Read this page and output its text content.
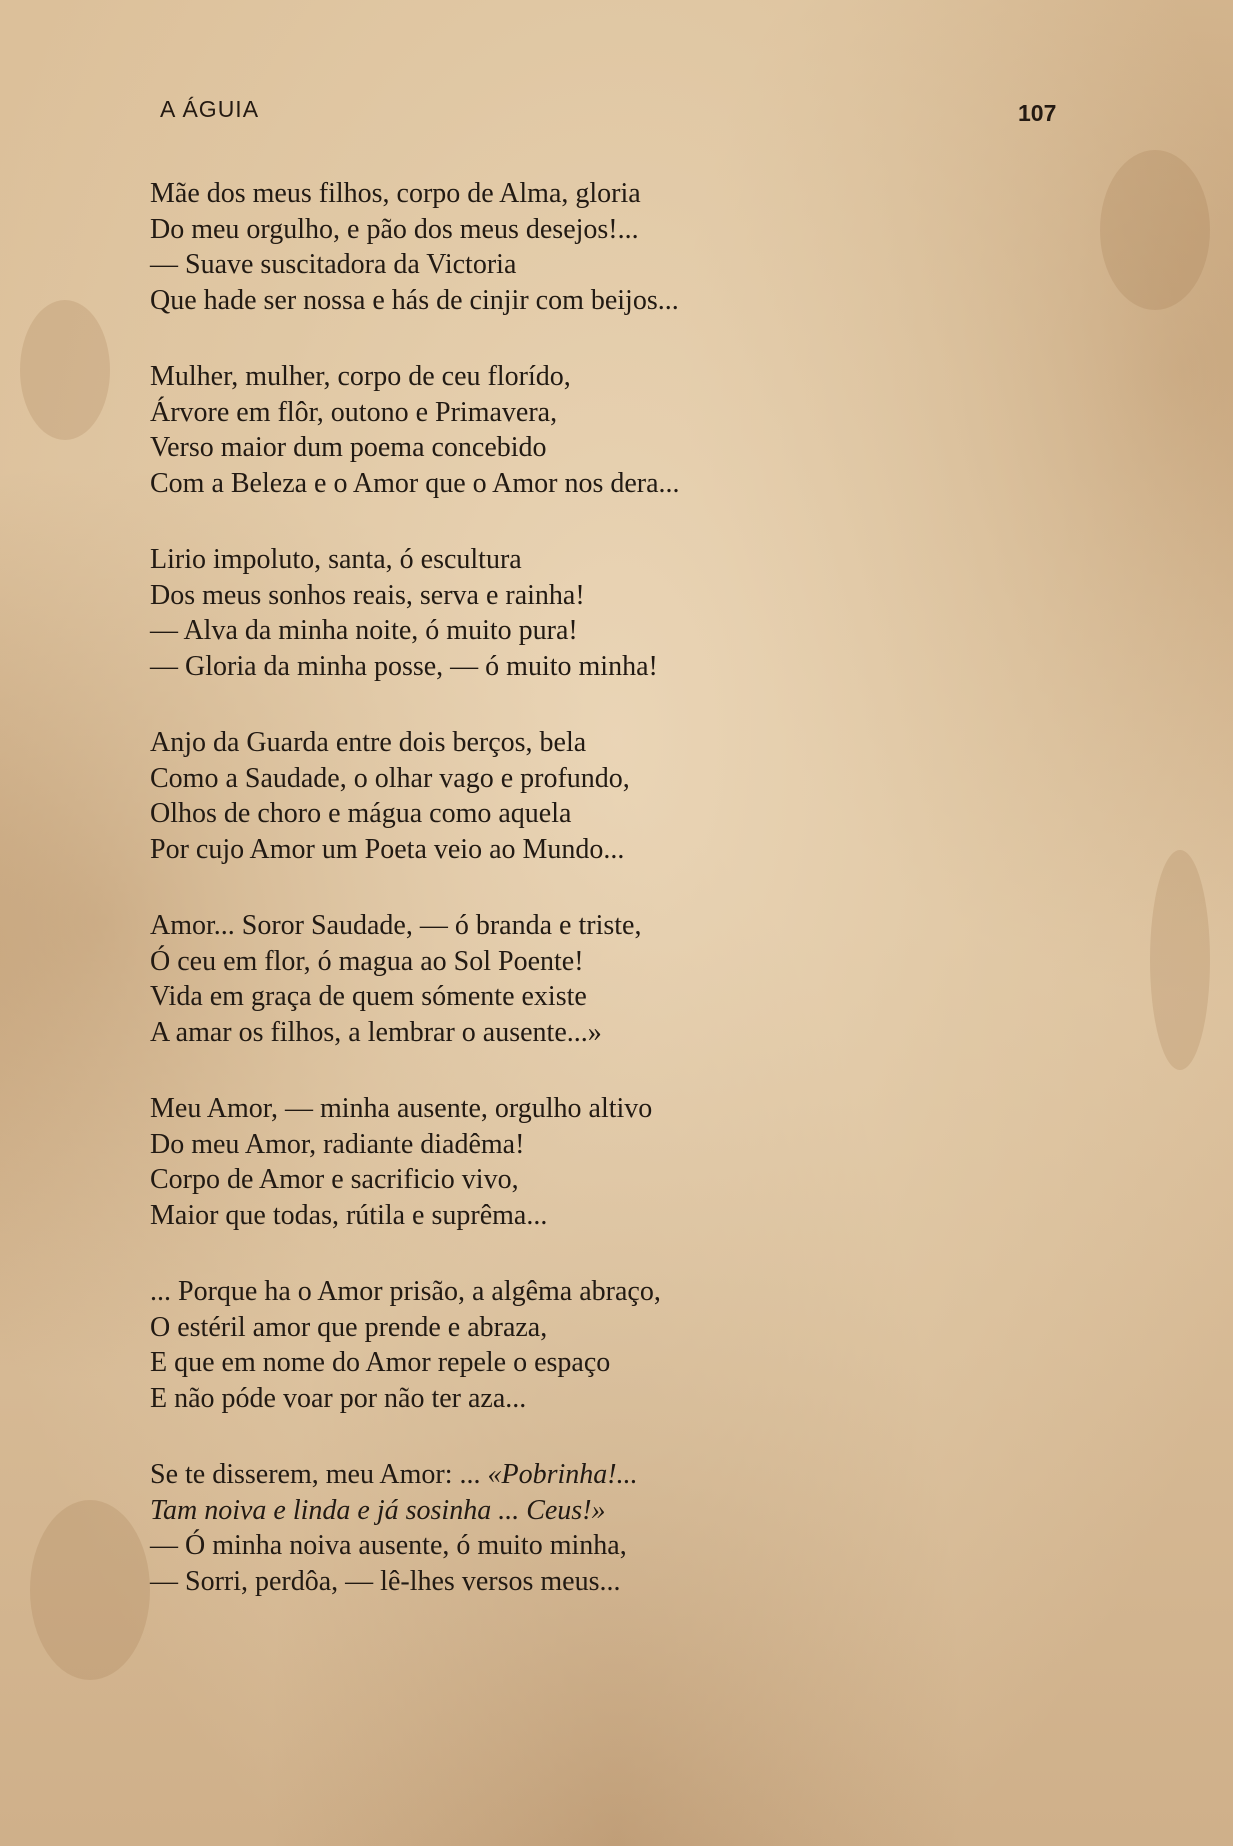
A ÁGUIA	107
Mãe dos meus filhos, corpo de Alma, gloria
Do meu orgulho, e pão dos meus desejos!...
— Suave suscitadora da Victoria
Que hade ser nossa e hás de cinjir com beijos...
Mulher, mulher, corpo de ceu florído,
Árvore em flôr, outono e Primavera,
Verso maior dum poema concebido
Com a Beleza e o Amor que o Amor nos dera...
Lirio impoluto, santa, ó escultura
Dos meus sonhos reais, serva e rainha!
— Alva da minha noite, ó muito pura!
— Gloria da minha posse, — ó muito minha!
Anjo da Guarda entre dois berços, bela
Como a Saudade, o olhar vago e profundo,
Olhos de choro e mágua como aquela
Por cujo Amor um Poeta veio ao Mundo...
Amor... Soror Saudade, — ó branda e triste,
Ó ceu em flor, ó magua ao Sol Poente!
Vida em graça de quem sómente existe
A amar os filhos, a lembrar o ausente...»
Meu Amor, — minha ausente, orgulho altivo
Do meu Amor, radiante diadêma!
Corpo de Amor e sacrificio vivo,
Maior que todas, rútila e suprêma...
... Porque ha o Amor prisão, a algêma abraço,
O estéril amor que prende e abraza,
E que em nome do Amor repele o espaço
E não póde voar por não ter aza...
Se te disserem, meu Amor: ... «Pobrinha!...
Tam noiva e linda e já sosinha ... Ceus!»
— Ó minha noiva ausente, ó muito minha,
— Sorri, perdôa, — lê-lhes versos meus...
